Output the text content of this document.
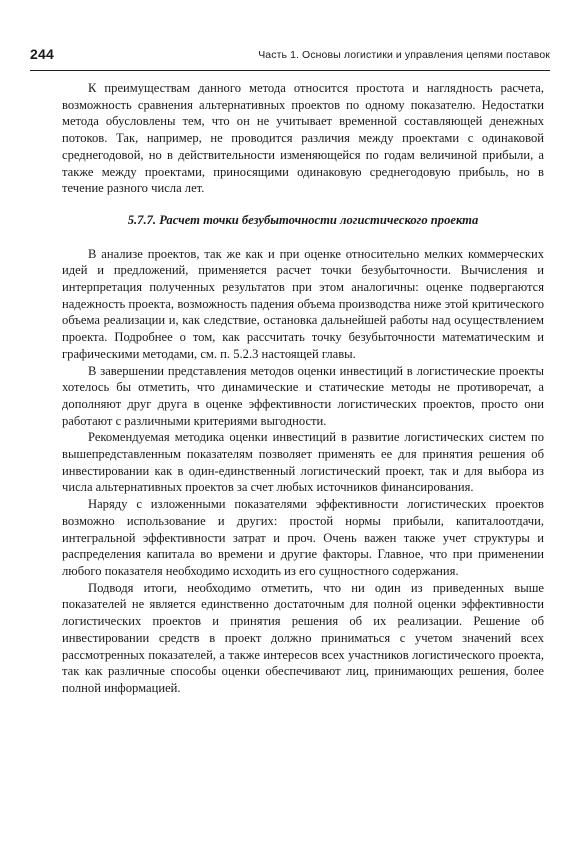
244	Часть 1. Основы логистики и управления цепями поставок

К преимуществам данного метода относится простота и наглядность расчета, возможность сравнения альтернативных проектов по одному показателю. Недостатки метода обусловлены тем, что он не учитывает временной составляющей денежных потоков. Так, например, не проводится различия между проектами с одинаковой среднегодовой, но в действительности изменяющейся по годам величиной прибыли, а также между проектами, приносящими одинаковую среднегодовую прибыль, но в течение разного числа лет.

5.7.7. Расчет точки безубыточности логистического проекта

В анализе проектов, так же как и при оценке относительно мелких коммерческих идей и предложений, применяется расчет точки безубыточности. Вычисления и интерпретация полученных результатов при этом аналогичны: оценке подвергаются надежность проекта, возможность падения объема производства ниже этой критического объема реализации и, как следствие, остановка дальнейшей работы над осуществлением проекта. Подробнее о том, как рассчитать точку безубыточности математическим и графическими методами, см. п. 5.2.3 настоящей главы.

В завершении представления методов оценки инвестиций в логистические проекты хотелось бы отметить, что динамические и статические методы не противоречат, а дополняют друг друга в оценке эффективности логистических проектов, просто они работают с различными критериями выгодности.

Рекомендуемая методика оценки инвестиций в развитие логистических систем по вышепредставленным показателям позволяет применять ее для принятия решения об инвестировании как в один-единственный логистический проект, так и для выбора из числа альтернативных проектов за счет любых источников финансирования.

Наряду с изложенными показателями эффективности логистических проектов возможно использование и других: простой нормы прибыли, капиталоотдачи, интегральной эффективности затрат и проч. Очень важен также учет структуры и распределения капитала во времени и другие факторы. Главное, что при применении любого показателя необходимо исходить из его сущностного содержания.

Подводя итоги, необходимо отметить, что ни один из приведенных выше показателей не является единственно достаточным для полной оценки эффективности логистических проектов и принятия решения об их реализации. Решение об инвестировании средств в проект должно приниматься с учетом значений всех рассмотренных показателей, а также интересов всех участников логистического проекта, так как различные способы оценки обеспечивают лиц, принимающих решения, более полной информацией.
